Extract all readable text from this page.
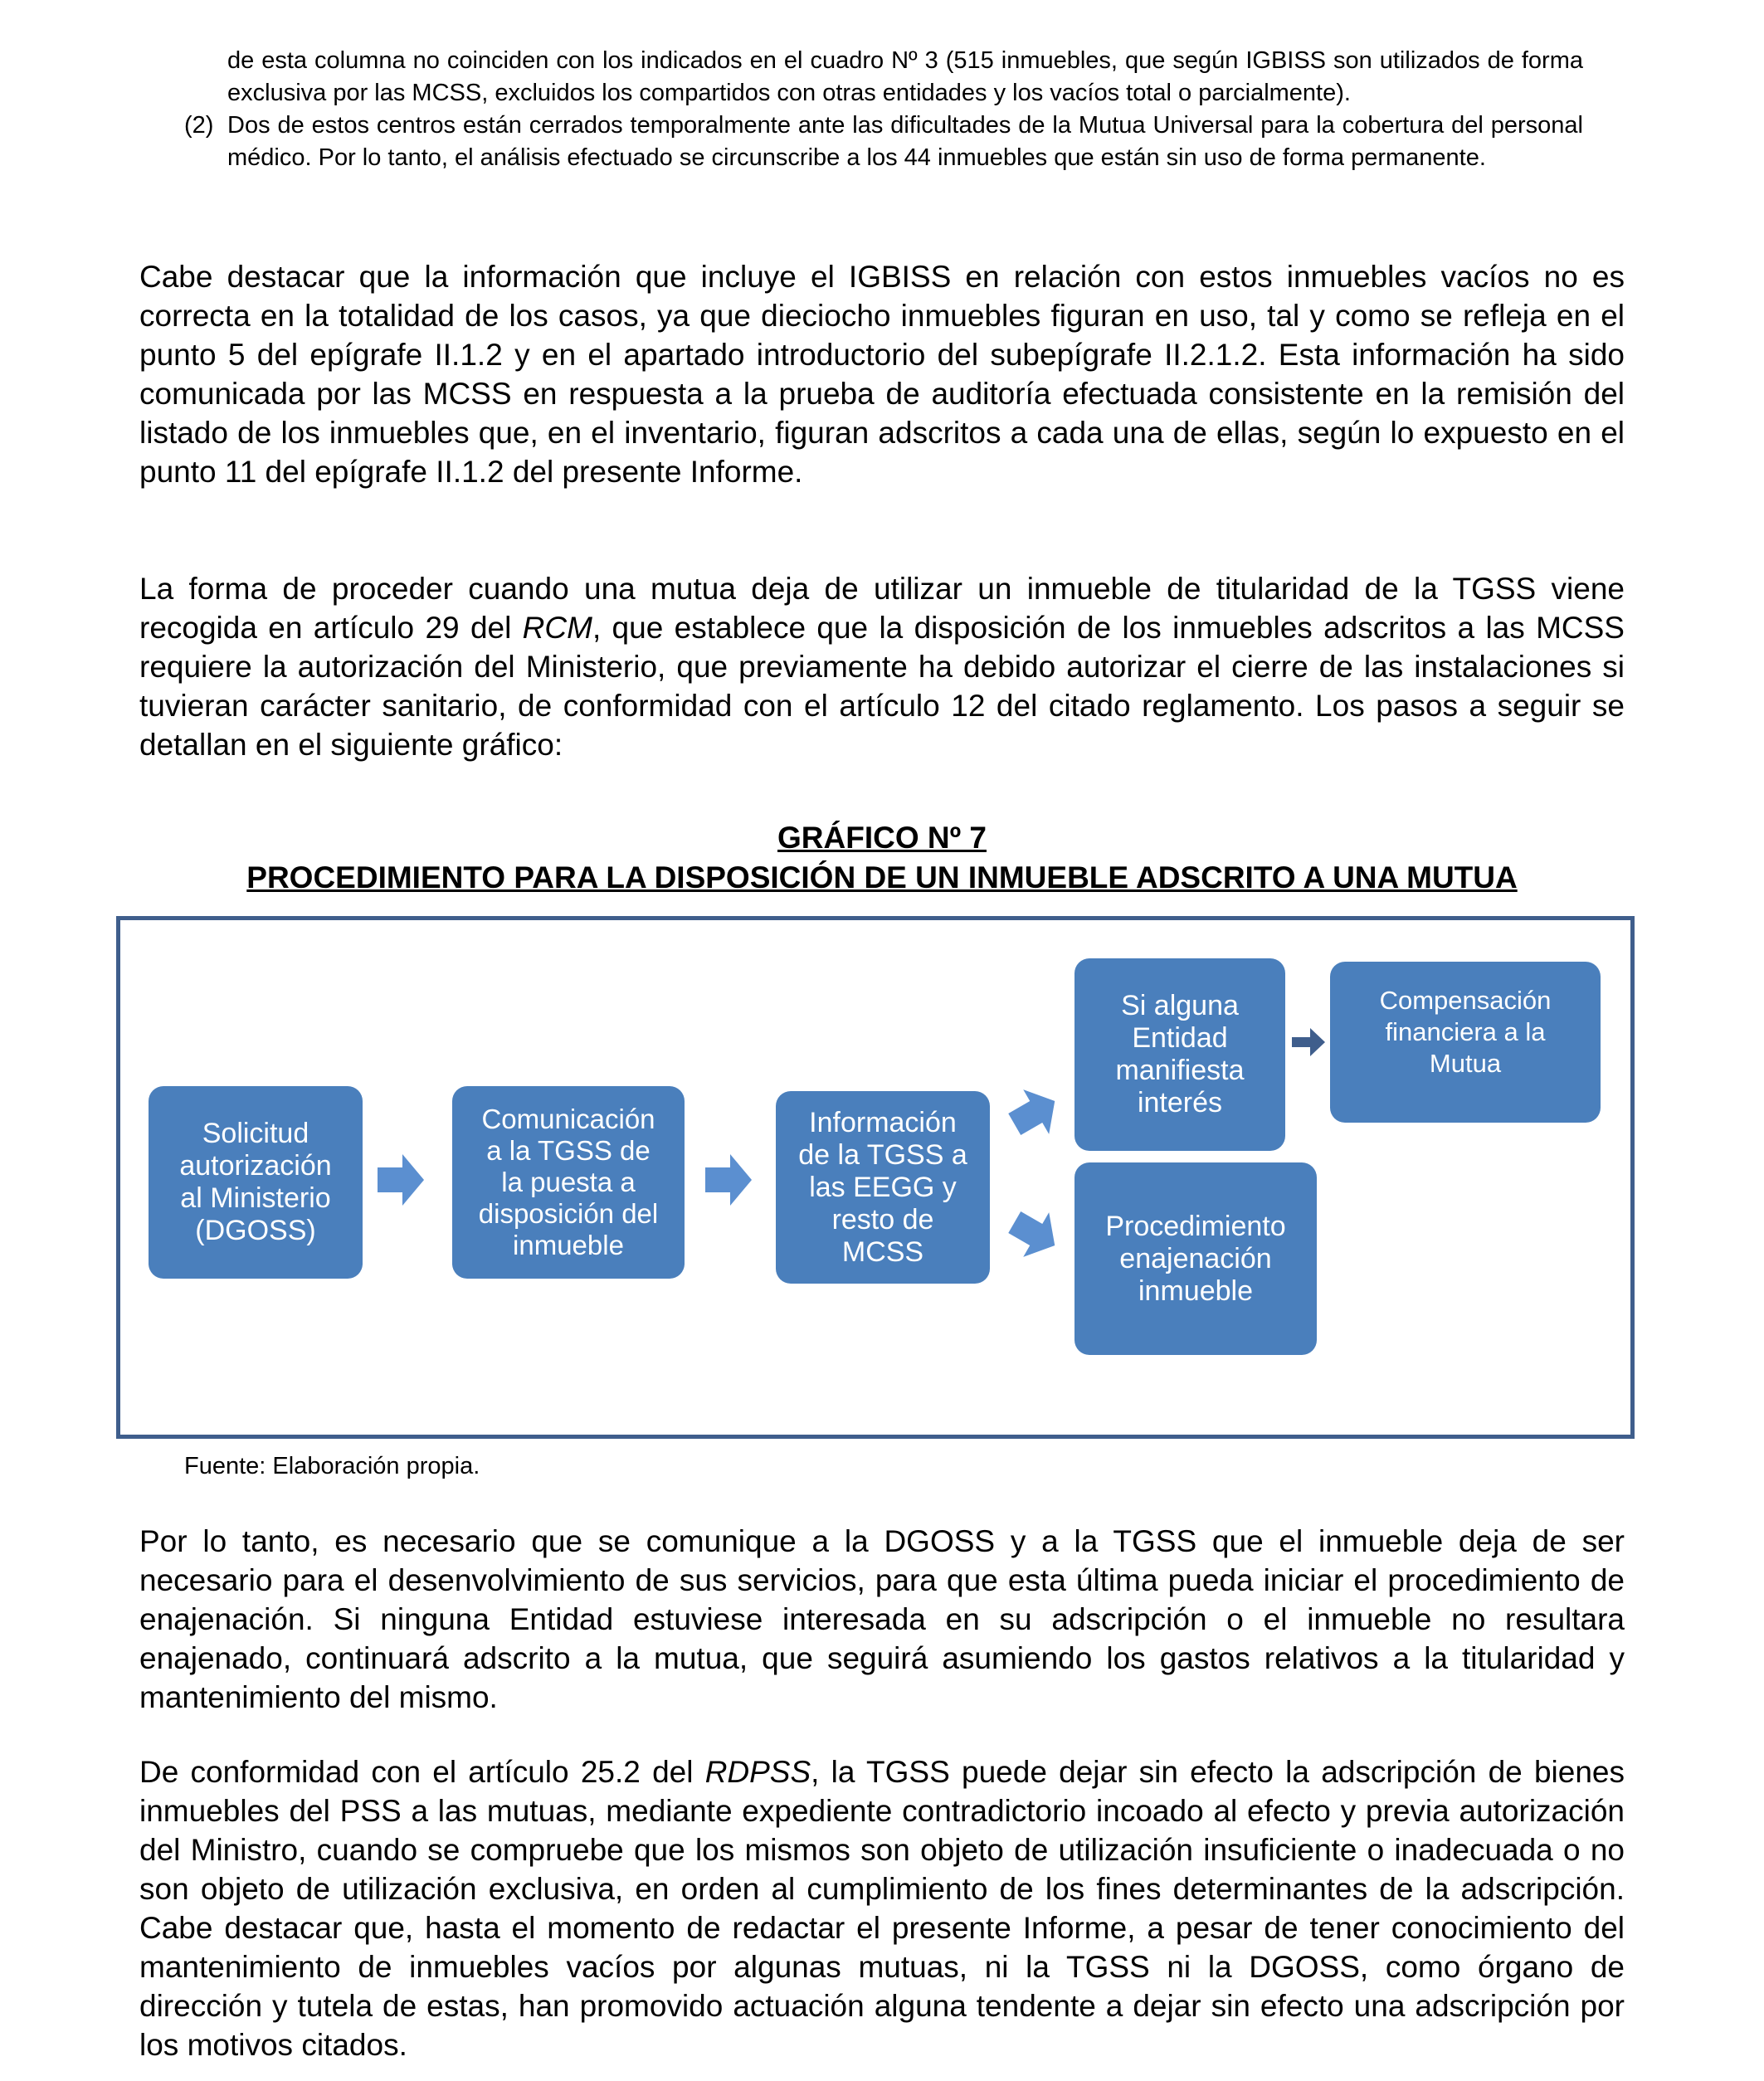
de esta columna no coinciden con los indicados en el cuadro Nº 3 (515 inmuebles, que según IGBISS son utilizados de forma exclusiva por las MCSS, excluidos los compartidos con otras entidades y los vacíos total o parcialmente).
(2) Dos de estos centros están cerrados temporalmente ante las dificultades de la Mutua Universal para la cobertura del personal médico. Por lo tanto, el análisis efectuado se circunscribe a los 44 inmuebles que están sin uso de forma permanente.

Cabe destacar que la información que incluye el IGBISS en relación con estos inmuebles vacíos no es correcta en la totalidad de los casos, ya que dieciocho inmuebles figuran en uso, tal y como se refleja en el punto 5 del epígrafe II.1.2 y en el apartado introductorio del subepígrafe II.2.1.2. Esta información ha sido comunicada por las MCSS en respuesta a la prueba de auditoría efectuada consistente en la remisión del listado de los inmuebles que, en el inventario, figuran adscritos a cada una de ellas, según lo expuesto en el punto 11 del epígrafe II.1.2 del presente Informe.

La forma de proceder cuando una mutua deja de utilizar un inmueble de titularidad de la TGSS viene recogida en artículo 29 del RCM, que establece que la disposición de los inmuebles adscritos a las MCSS requiere la autorización del Ministerio, que previamente ha debido autorizar el cierre de las instalaciones si tuvieran carácter sanitario, de conformidad con el artículo 12 del citado reglamento. Los pasos a seguir se detallan en el siguiente gráfico:

GRÁFICO Nº 7
PROCEDIMIENTO PARA LA DISPOSICIÓN DE UN INMUEBLE ADSCRITO A UNA MUTUA
Solicitud
autorización
al Ministerio
(DGOSS)
Comunicación
a la TGSS de
la puesta a
disposición del
inmueble
Información
de la TGSS a
las EEGG y
resto de
MCSS
Si alguna
Entidad
manifiesta
interés
Compensación
financiera a la
Mutua
Procedimiento
enajenación
inmueble
Fuente: Elaboración propia.

Por lo tanto, es necesario que se comunique a la DGOSS y a la TGSS que el inmueble deja de ser necesario para el desenvolvimiento de sus servicios, para que esta última pueda iniciar el procedimiento de enajenación. Si ninguna Entidad estuviese interesada en su adscripción o el inmueble no resultara enajenado, continuará adscrito a la mutua, que seguirá asumiendo los gastos relativos a la titularidad y mantenimiento del mismo.

De conformidad con el artículo 25.2 del RDPSS, la TGSS puede dejar sin efecto la adscripción de bienes inmuebles del PSS a las mutuas, mediante expediente contradictorio incoado al efecto y previa autorización del Ministro, cuando se compruebe que los mismos son objeto de utilización insuficiente o inadecuada o no son objeto de utilización exclusiva, en orden al cumplimiento de los fines determinantes de la adscripción. Cabe destacar que, hasta el momento de redactar el presente Informe, a pesar de tener conocimiento del mantenimiento de inmuebles vacíos por algunas mutuas, ni la TGSS ni la DGOSS, como órgano de dirección y tutela de estas, han promovido actuación alguna tendente a dejar sin efecto una adscripción por los motivos citados.
